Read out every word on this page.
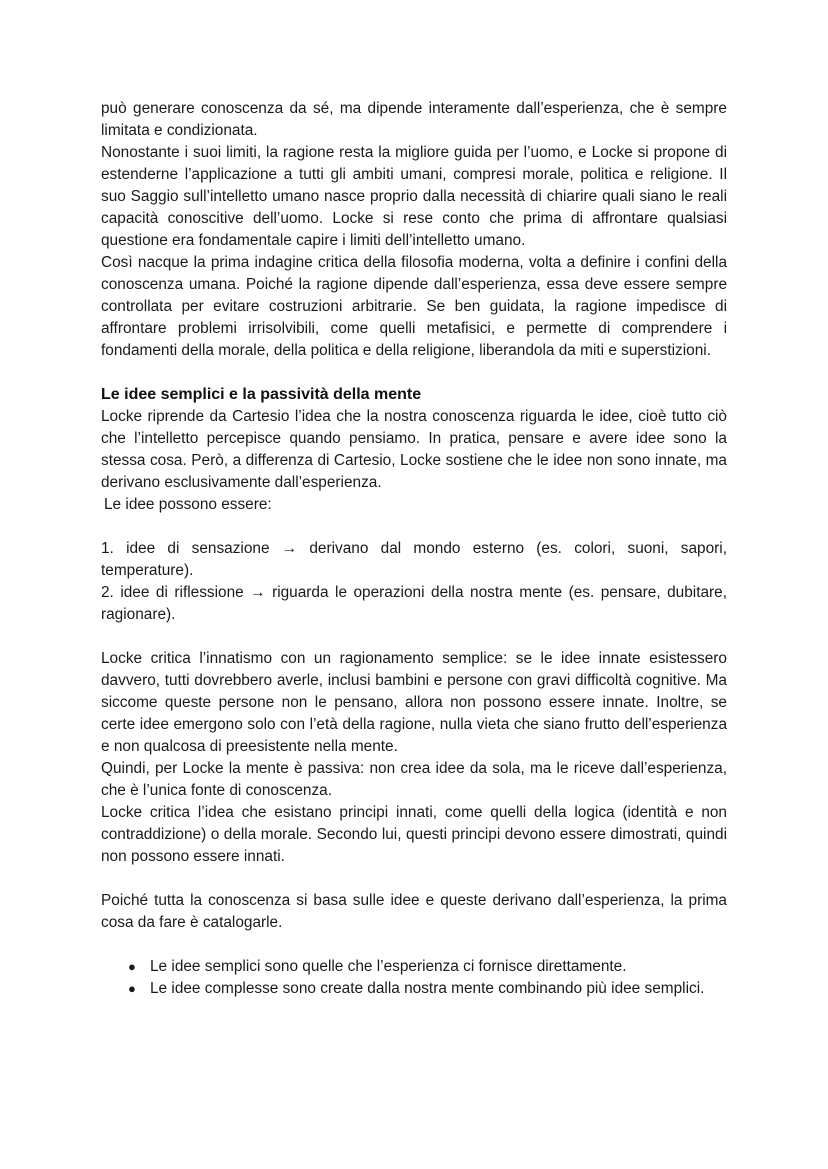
può generare conoscenza da sé, ma dipende interamente dall’esperienza, che è sempre limitata e condizionata.

Nonostante i suoi limiti, la ragione resta la migliore guida per l’uomo, e Locke si propone di estenderne l’applicazione a tutti gli ambiti umani, compresi morale, politica e religione. Il suo Saggio sull’intelletto umano nasce proprio dalla necessità di chiarire quali siano le reali capacità conoscitive dell’uomo. Locke si rese conto che prima di affrontare qualsiasi questione era fondamentale capire i limiti dell’intelletto umano.

Così nacque la prima indagine critica della filosofia moderna, volta a definire i confini della conoscenza umana. Poiché la ragione dipende dall’esperienza, essa deve essere sempre controllata per evitare costruzioni arbitrarie. Se ben guidata, la ragione impedisce di affrontare problemi irrisolvibili, come quelli metafisici, e permette di comprendere i fondamenti della morale, della politica e della religione, liberandola da miti e superstizioni.

Le idee semplici e la passività della mente

Locke riprende da Cartesio l’idea che la nostra conoscenza riguarda le idee, cioè tutto ciò che l’intelletto percepisce quando pensiamo. In pratica, pensare e avere idee sono la stessa cosa. Però, a differenza di Cartesio, Locke sostiene che le idee non sono innate, ma derivano esclusivamente dall’esperienza.

Le idee possono essere:

1. idee di sensazione → derivano dal mondo esterno (es. colori, suoni, sapori, temperature).

2. idee di riflessione → riguarda le operazioni della nostra mente (es. pensare, dubitare, ragionare).

Locke critica l’innatismo con un ragionamento semplice: se le idee innate esistessero davvero, tutti dovrebbero averle, inclusi bambini e persone con gravi difficoltà cognitive. Ma siccome queste persone non le pensano, allora non possono essere innate. Inoltre, se certe idee emergono solo con l’età della ragione, nulla vieta che siano frutto dell’esperienza e non qualcosa di preesistente nella mente.

Quindi, per Locke la mente è passiva: non crea idee da sola, ma le riceve dall’esperienza, che è l’unica fonte di conoscenza.

Locke critica l’idea che esistano principi innati, come quelli della logica (identità e non contraddizione) o della morale. Secondo lui, questi principi devono essere dimostrati, quindi non possono essere innati.

Poiché tutta la conoscenza si basa sulle idee e queste derivano dall’esperienza, la prima cosa da fare è catalogarle.

● Le idee semplici sono quelle che l’esperienza ci fornisce direttamente.
● Le idee complesse sono create dalla nostra mente combinando più idee semplici.
